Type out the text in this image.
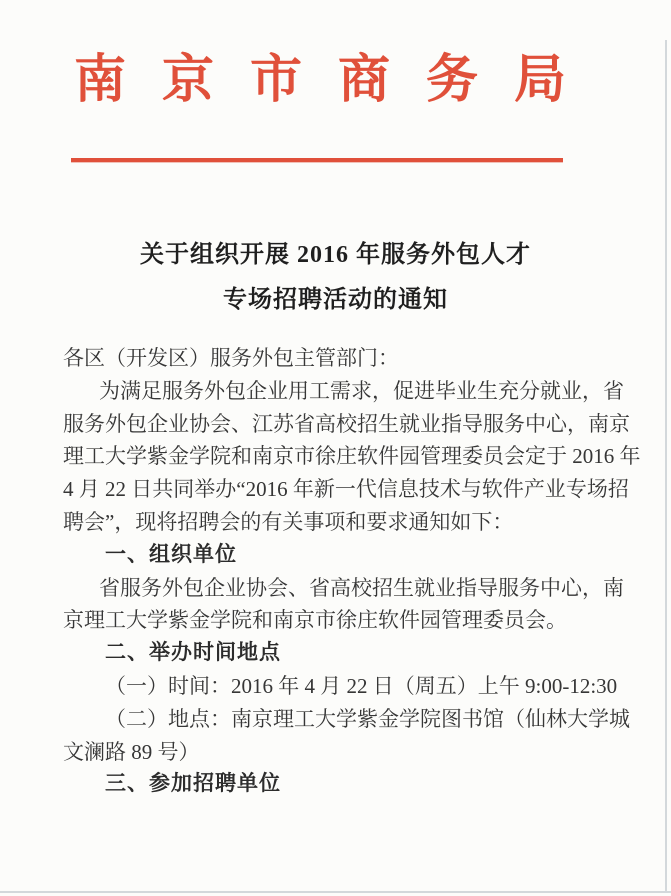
南京市商务局
关于组织开展 2016 年服务外包人才
专场招聘活动的通知
各区（开发区）服务外包主管部门：
为满足服务外包企业用工需求，促进毕业生充分就业，省
服务外包企业协会、江苏省高校招生就业指导服务中心，南京
理工大学紫金学院和南京市徐庄软件园管理委员会定于 2016 年
4 月 22 日共同举办“2016 年新一代信息技术与软件产业专场招
聘会”，现将招聘会的有关事项和要求通知如下：
一、组织单位
省服务外包企业协会、省高校招生就业指导服务中心，南
京理工大学紫金学院和南京市徐庄软件园管理委员会。
二、举办时间地点
（一）时间：2016 年 4 月 22 日（周五）上午 9:00-12:30
（二）地点：南京理工大学紫金学院图书馆（仙林大学城
文澜路 89 号）
三、参加招聘单位
